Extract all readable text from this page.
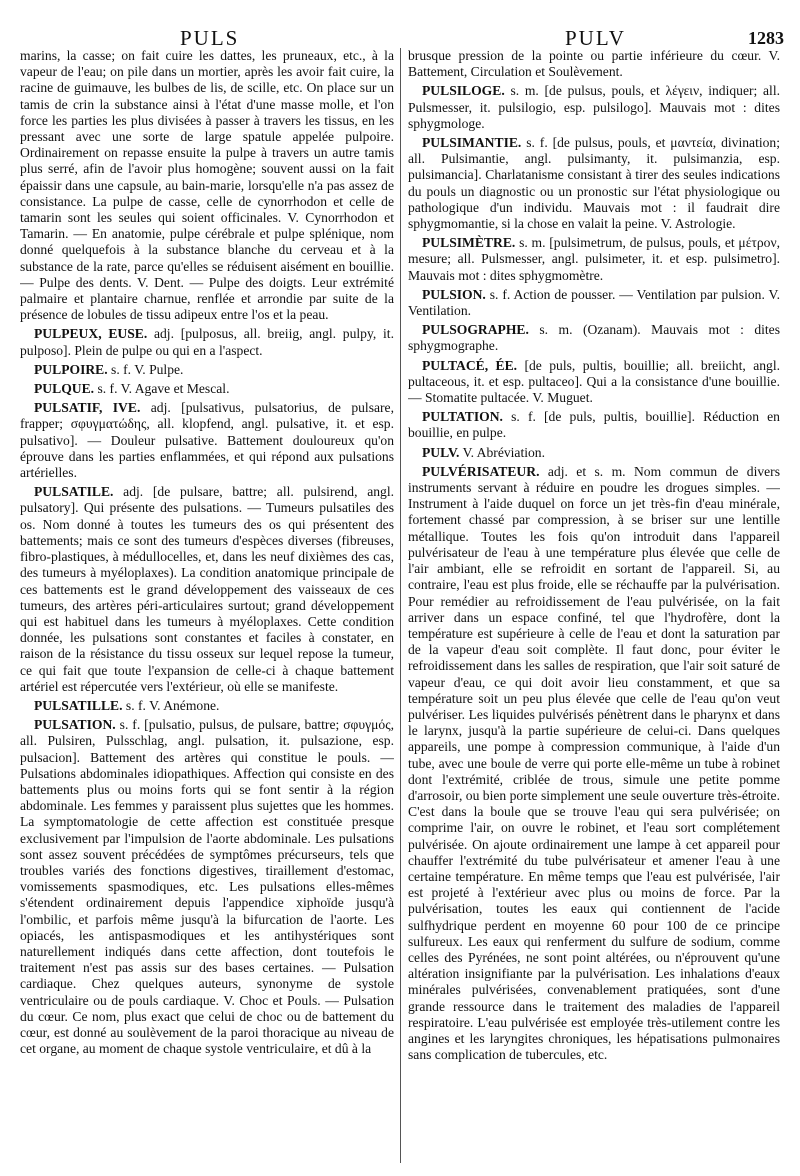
PULS	PULV	1283

marins, la casse; on fait cuire les dattes, les pruneaux, etc., à la vapeur de l'eau; on pile dans un mortier, après les avoir fait cuire, la racine de guimauve, les bulbes de lis, de scille, etc. On place sur un tamis de crin la substance ainsi à l'état d'une masse molle, et l'on force les parties les plus divisées à passer à travers les tissus, en les pressant avec une sorte de large spatule appelée pulpoire. Ordinairement on repasse ensuite la pulpe à travers un autre tamis plus serré, afin de l'avoir plus homogène; souvent aussi on la fait épaissir dans une capsule, au bain-marie, lorsqu'elle n'a pas assez de consistance. La pulpe de casse, celle de cynorrhodon et celle de tamarin sont les seules qui soient officinales. V. Cynorrhodon et Tamarin. — En anatomie, pulpe cérébrale et pulpe splénique, nom donné quelquefois à la substance blanche du cerveau et à la substance de la rate, parce qu'elles se réduisent aisément en bouillie. — Pulpe des dents. V. Dent. — Pulpe des doigts. Leur extrémité palmaire et plantaire charnue, renflée et arrondie par suite de la présence de lobules de tissu adipeux entre l'os et la peau.

PULPEUX, EUSE. adj. [pulposus, all. breiig, angl. pulpy, it. pulposo]. Plein de pulpe ou qui en a l'aspect.

PULPOIRE. s. f. V. Pulpe.

PULQUE. s. f. V. Agave et Mescal.

PULSATIF, IVE. adj. [pulsativus, pulsatorius, de pulsare, frapper; σφυγματώδης, all. klopfend, angl. pulsative, it. et esp. pulsativo]. — Douleur pulsative. Battement douloureux qu'on éprouve dans les parties enflammées, et qui répond aux pulsations artérielles.

PULSATILE. adj. [de pulsare, battre; all. pulsirend, angl. pulsatory]. Qui présente des pulsations. — Tumeurs pulsatiles des os. Nom donné à toutes les tumeurs des os qui présentent des battements; mais ce sont des tumeurs d'espèces diverses (fibreuses, fibro-plastiques, à médullocelles, et, dans les neuf dixièmes des cas, des tumeurs à myéloplaxes). La condition anatomique principale de ces battements est le grand développement des vaisseaux de ces tumeurs, des artères péri-articulaires surtout; grand développement qui est habituel dans les tumeurs à myéloplaxes. Cette condition donnée, les pulsations sont constantes et faciles à constater, en raison de la résistance du tissu osseux sur lequel repose la tumeur, ce qui fait que toute l'expansion de celle-ci à chaque battement artériel est répercutée vers l'extérieur, où elle se manifeste.

PULSATILLE. s. f. V. Anémone.

PULSATION. s. f. [pulsatio, pulsus, de pulsare, battre; σφυγμός, all. Pulsiren, Pulsschlag, angl. pulsation, it. pulsazione, esp. pulsacion]. Battement des artères qui constitue le pouls. — Pulsations abdominales idiopathiques. Affection qui consiste en des battements plus ou moins forts qui se font sentir à la région abdominale. Les femmes y paraissent plus sujettes que les hommes. La symptomatologie de cette affection est constituée presque exclusivement par l'impulsion de l'aorte abdominale. Les pulsations sont assez souvent précédées de symptômes précurseurs, tels que troubles variés des fonctions digestives, tiraillement d'estomac, vomissements spasmodiques, etc. Les pulsations elles-mêmes s'étendent ordinairement depuis l'appendice xiphoïde jusqu'à l'ombilic, et parfois même jusqu'à la bifurcation de l'aorte. Les opiacés, les antispasmodiques et les antihystériques sont naturellement indiqués dans cette affection, dont toutefois le traitement n'est pas assis sur des bases certaines. — Pulsation cardiaque. Chez quelques auteurs, synonyme de systole ventriculaire ou de pouls cardiaque. V. Choc et Pouls. — Pulsation du cœur. Ce nom, plus exact que celui de choc ou de battement du cœur, est donné au soulèvement de la paroi thoracique au niveau de cet organe, au moment de chaque systole ventriculaire, et dû à la

brusque pression de la pointe ou partie inférieure du cœur. V. Battement, Circulation et Soulèvement.

PULSILOGE. s. m. [de pulsus, pouls, et λέγειν, indiquer; all. Pulsmesser, it. pulsilogio, esp. pulsilogo]. Mauvais mot : dites sphygmologe.

PULSIMANTIE. s. f. [de pulsus, pouls, et μαντεία, divination; all. Pulsimantie, angl. pulsimanty, it. pulsimanzia, esp. pulsimancia]. Charlatanisme consistant à tirer des seules indications du pouls un diagnostic ou un pronostic sur l'état physiologique ou pathologique d'un individu. Mauvais mot : il faudrait dire sphygmomantie, si la chose en valait la peine. V. Astrologie.

PULSIMÈTRE. s. m. [pulsimetrum, de pulsus, pouls, et μέτρον, mesure; all. Pulsmesser, angl. pulsimeter, it. et esp. pulsimetro]. Mauvais mot : dites sphygmomètre.

PULSION. s. f. Action de pousser. — Ventilation par pulsion. V. Ventilation.

PULSOGRAPHE. s. m. (Ozanam). Mauvais mot : dites sphygmographe.

PULTACÉ, ÉE. [de puls, pultis, bouillie; all. breiicht, angl. pultaceous, it. et esp. pultaceo]. Qui a la consistance d'une bouillie. — Stomatite pultacée. V. Muguet.

PULTATION. s. f. [de puls, pultis, bouillie]. Réduction en bouillie, en pulpe.

PULV. V. Abréviation.

PULVÉRISATEUR. adj. et s. m. Nom commun de divers instruments servant à réduire en poudre les drogues simples. — Instrument à l'aide duquel on force un jet très-fin d'eau minérale, fortement chassé par compression, à se briser sur une lentille métallique. Toutes les fois qu'on introduit dans l'appareil pulvérisateur de l'eau à une température plus élevée que celle de l'air ambiant, elle se refroidit en sortant de l'appareil. Si, au contraire, l'eau est plus froide, elle se réchauffe par la pulvérisation. Pour remédier au refroidissement de l'eau pulvérisée, on la fait arriver dans un espace confiné, tel que l'hydrofère, dont la température est supérieure à celle de l'eau et dont la saturation par de la vapeur d'eau soit complète. Il faut donc, pour éviter le refroidissement dans les salles de respiration, que l'air soit saturé de vapeur d'eau, ce qui doit avoir lieu constamment, et que sa température soit un peu plus élevée que celle de l'eau qu'on veut pulvériser. Les liquides pulvérisés pénètrent dans le pharynx et dans le larynx, jusqu'à la partie supérieure de celui-ci. Dans quelques appareils, une pompe à compression communique, à l'aide d'un tube, avec une boule de verre qui porte elle-même un tube à robinet dont l'extrémité, criblée de trous, simule une petite pomme d'arrosoir, ou bien porte simplement une seule ouverture très-étroite. C'est dans la boule que se trouve l'eau qui sera pulvérisée; on comprime l'air, on ouvre le robinet, et l'eau sort complétement pulvérisée. On ajoute ordinairement une lampe à cet appareil pour chauffer l'extrémité du tube pulvérisateur et amener l'eau à une certaine température. En même temps que l'eau est pulvérisée, l'air est projeté à l'extérieur avec plus ou moins de force. Par la pulvérisation, toutes les eaux qui contiennent de l'acide sulfhydrique perdent en moyenne 60 pour 100 de ce principe sulfureux. Les eaux qui renferment du sulfure de sodium, comme celles des Pyrénées, ne sont point altérées, ou n'éprouvent qu'une altération insignifiante par la pulvérisation. Les inhalations d'eaux minérales pulvérisées, convenablement pratiquées, sont d'une grande ressource dans le traitement des maladies de l'appareil respiratoire. L'eau pulvérisée est employée très-utilement contre les angines et les laryngites chroniques, les hépatisations pulmonaires sans complication de tubercules, etc.
